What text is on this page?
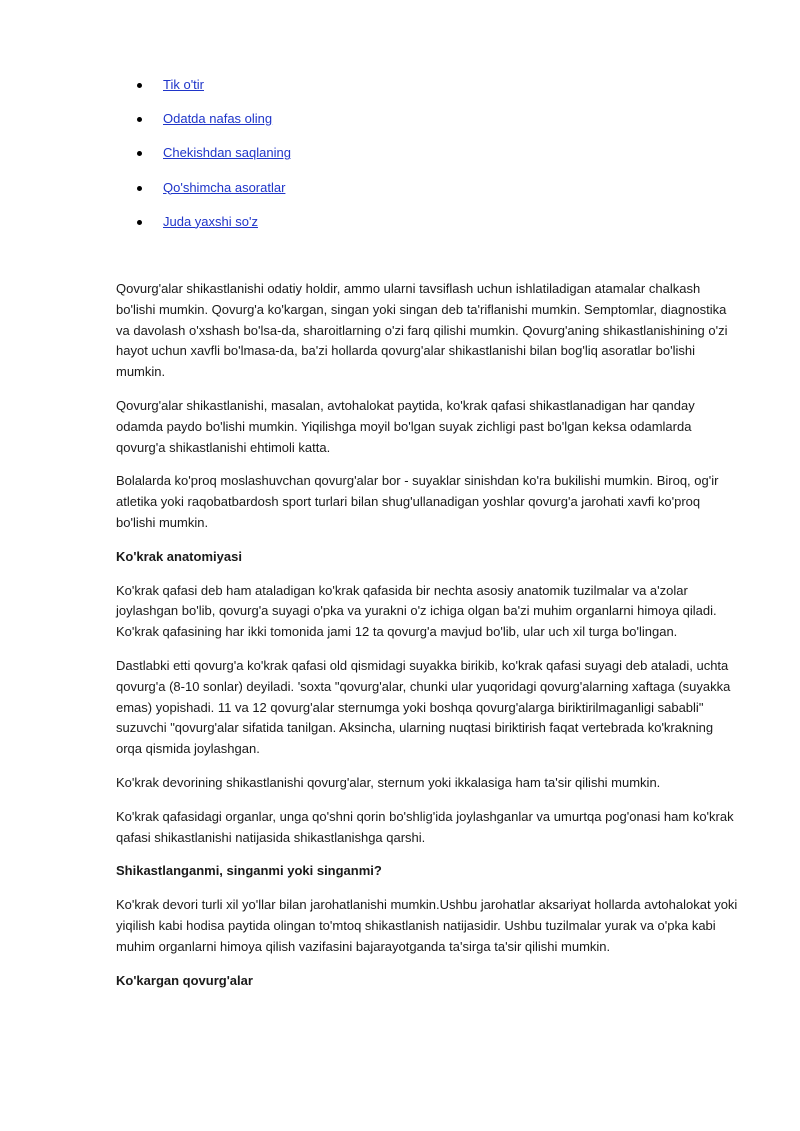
Tik o'tir
Odatda nafas oling
Chekishdan saqlaning
Qo'shimcha asoratlar
Juda yaxshi so'z

Qovurg'alar shikastlanishi odatiy holdir, ammo ularni tavsiflash uchun ishlatiladigan atamalar chalkash bo'lishi mumkin. Qovurg'a ko'kargan, singan yoki singan deb ta'riflanishi mumkin. Semptomlar, diagnostika va davolash o'xshash bo'lsa-da, sharoitlarning o'zi farq qilishi mumkin. Qovurg'aning shikastlanishining o'zi hayot uchun xavfli bo'lmasa-da, ba'zi hollarda qovurg'alar shikastlanishi bilan bog'liq asoratlar bo'lishi mumkin.

Qovurg'alar shikastlanishi, masalan, avtohalokat paytida, ko'krak qafasi shikastlanadigan har qanday odamda paydo bo'lishi mumkin. Yiqilishga moyil bo'lgan suyak zichligi past bo'lgan keksa odamlarda qovurg'a shikastlanishi ehtimoli katta.

Bolalarda ko'proq moslashuvchan qovurg'alar bor - suyaklar sinishdan ko'ra bukilishi mumkin. Biroq, og'ir atletika yoki raqobatbardosh sport turlari bilan shug'ullanadigan yoshlar qovurg'a jarohati xavfi ko'proq bo'lishi mumkin.

Ko'krak anatomiyasi

Ko'krak qafasi deb ham ataladigan ko'krak qafasida bir nechta asosiy anatomik tuzilmalar va a'zolar joylashgan bo'lib, qovurg'a suyagi o'pka va yurakni o'z ichiga olgan ba'zi muhim organlarni himoya qiladi. Ko'krak qafasining har ikki tomonida jami 12 ta qovurg'a mavjud bo'lib, ular uch xil turga bo'lingan.

Dastlabki etti qovurg'a ko'krak qafasi old qismidagi suyakka birikib, ko'krak qafasi suyagi deb ataladi, uchta qovurg'a (8-10 sonlar) deyiladi. 'soxta "qovurg'alar, chunki ular yuqoridagi qovurg'alarning xaftaga (suyakka emas) yopishadi. 11 va 12 qovurg'alar sternumga yoki boshqa qovurg'alarga biriktirilmaganligi sababli" suzuvchi "qovurg'alar sifatida tanilgan. Aksincha, ularning nuqtasi biriktirish faqat vertebrada ko'krakning orqa qismida joylashgan.

Ko'krak devorining shikastlanishi qovurg'alar, sternum yoki ikkalasiga ham ta'sir qilishi mumkin.

Ko'krak qafasidagi organlar, unga qo'shni qorin bo'shlig'ida joylashganlar va umurtqa pog'onasi ham ko'krak qafasi shikastlanishi natijasida shikastlanishga qarshi.

Shikastlanganmi, singanmi yoki singanmi?

Ko'krak devori turli xil yo'llar bilan jarohatlanishi mumkin.Ushbu jarohatlar aksariyat hollarda avtohalokat yoki yiqilish kabi hodisa paytida olingan to'mtoq shikastlanish natijasidir. Ushbu tuzilmalar yurak va o'pka kabi muhim organlarni himoya qilish vazifasini bajarayotganda ta'sirga ta'sir qilishi mumkin.

Ko'kargan qovurg'alar
